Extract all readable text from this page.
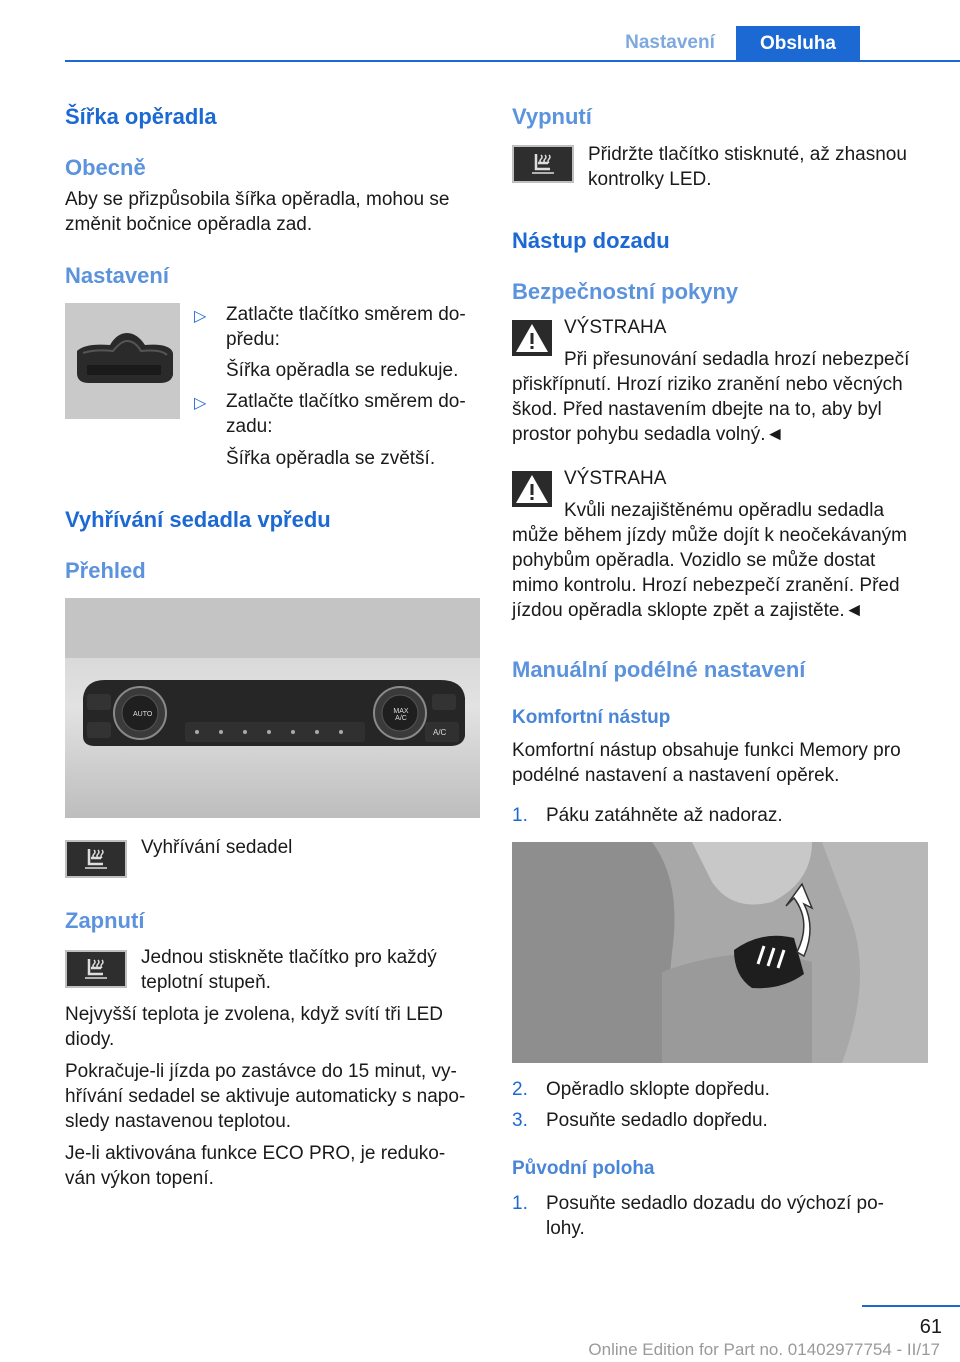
Nastavení	Obsluha
Šířka opěradla
Obecně
Aby se přizpůsobila šířka opěradla, mohou se
změnit bočnice opěradla zad.
Nastavení
▷ Zatlačte tlačítko směrem do‐
předu:
Šířka opěradla se redukuje.
▷ Zatlačte tlačítko směrem do‐
zadu:
Šířka opěradla se zvětší.
Vyhřívání sedadla vpředu
Přehled
AUTO	MAX A/C
A/C
Vyhřívání sedadel
Zapnutí
Jednou stiskněte tlačítko pro každý
teplotní stupeň.
Nejvyšší teplota je zvolena, když svítí tři LED
diody.
Pokračuje-li jízda po zastávce do 15 minut, vy‐
hřívání sedadel se aktivuje automaticky s napo‐
sledy nastavenou teplotou.
Je-li aktivována funkce ECO PRO, je reduko‐
ván výkon topení.
Vypnutí
Přidržte tlačítko stisknuté, až zhasnou
kontrolky LED.
Nástup dozadu
Bezpečnostní pokyny
VÝSTRAHA
Při přesunování sedadla hrozí nebezpečí
přiskřípnutí. Hrozí riziko zranění nebo věcných
škod. Před nastavením dbejte na to, aby byl
prostor pohybu sedadla volný.◄
VÝSTRAHA
Kvůli nezajištěnému opěradlu sedadla
může během jízdy může dojít k neočekávaným
pohybům opěradla. Vozidlo se může dostat
mimo kontrolu. Hrozí nebezpečí zranění. Před
jízdou opěradla sklopte zpět a zajistěte.◄
Manuální podélné nastavení
Komfortní nástup
Komfortní nástup obsahuje funkci Memory pro
podélné nastavení a nastavení opěrek.
1. Páku zatáhněte až nadoraz.
2. Opěradlo sklopte dopředu.
3. Posuňte sedadlo dopředu.
Původní poloha
1. Posuňte sedadlo dozadu do výchozí po‐
lohy.
61
Online Edition for Part no. 01402977754 - II/17
